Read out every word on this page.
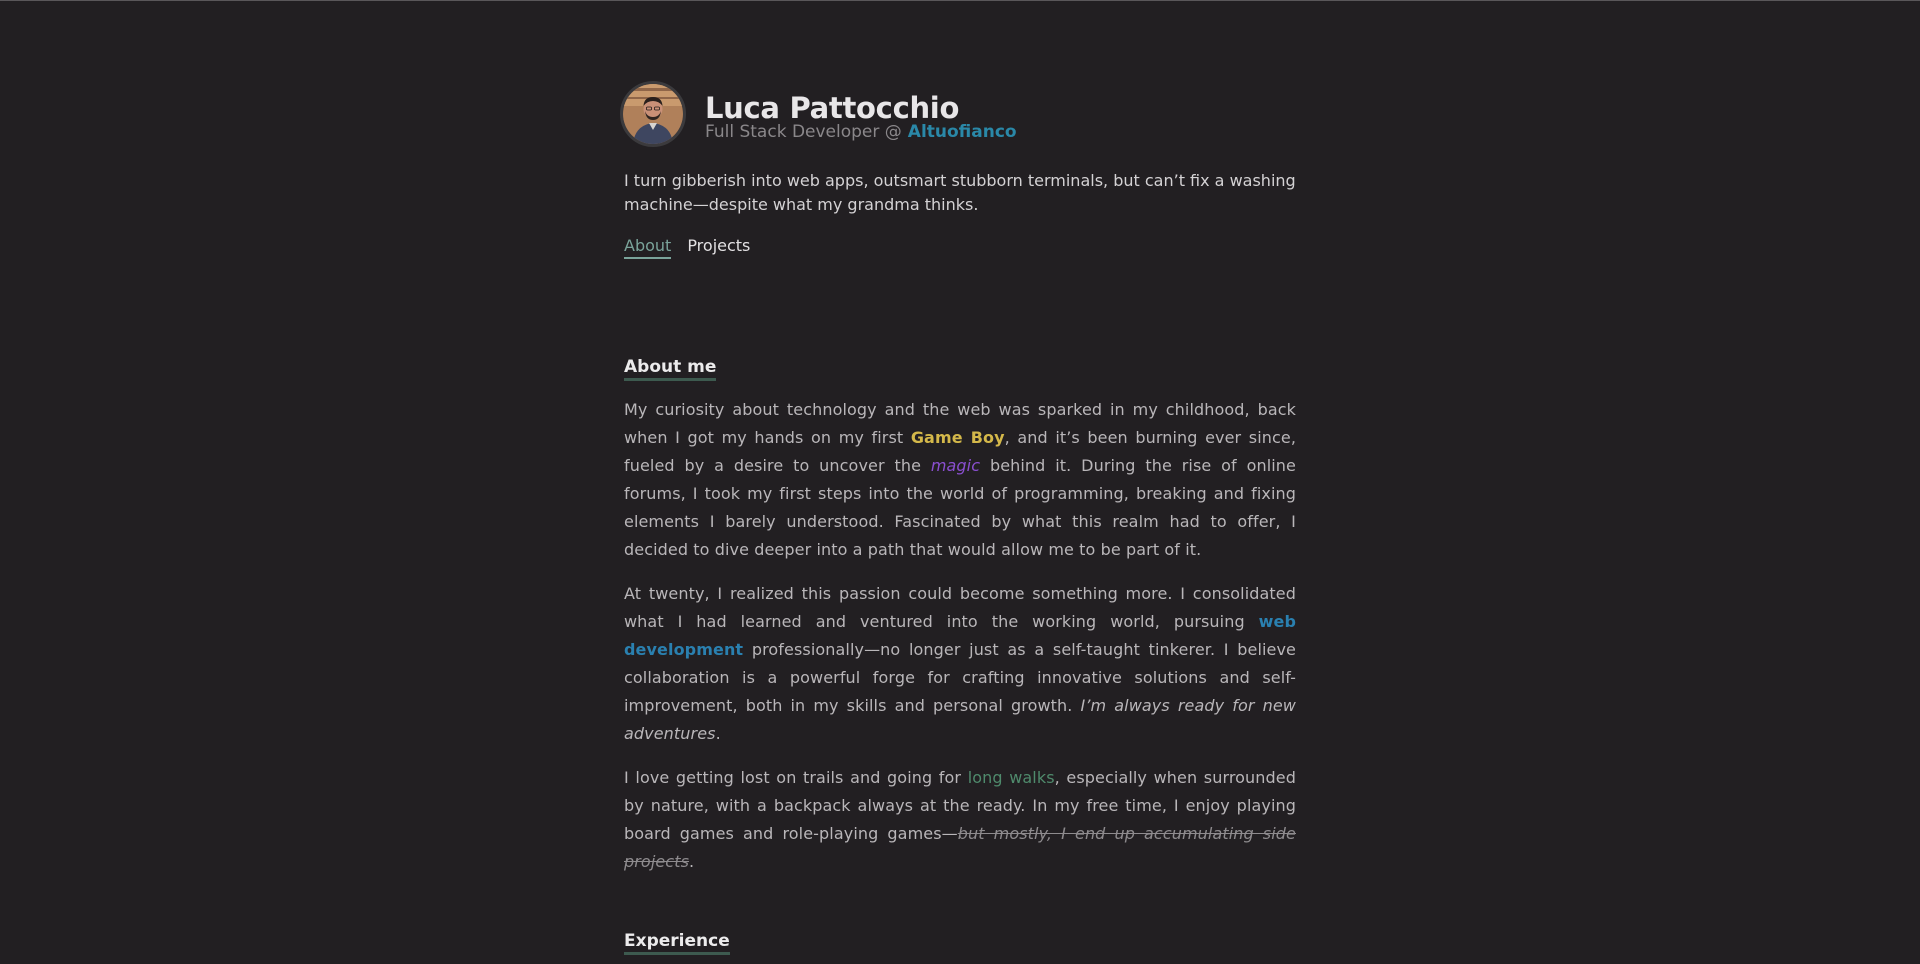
Luca Pattocchio
Full Stack Developer @ Altuofianco
I turn gibberish into web apps, outsmart stubborn terminals, but can’t fix a washing machine—despite what my grandma thinks.
About Projects
About me

My curiosity about technology and the web was sparked in my childhood, back when I got my hands on my first Game Boy, and it’s been burning ever since, fueled by a desire to uncover the magic behind it. During the rise of online forums, I took my first steps into the world of programming, breaking and fixing elements I barely understood. Fascinated by what this realm had to offer, I decided to dive deeper into a path that would allow me to be part of it.

At twenty, I realized this passion could become something more. I consolidated what I had learned and ventured into the working world, pursuing web development professionally—no longer just as a self-taught tinkerer. I believe collaboration is a powerful forge for crafting innovative solutions and self-improvement, both in my skills and personal growth. I’m always ready for new adventures.

I love getting lost on trails and going for long walks, especially when surrounded by nature, with a backpack always at the ready. In my free time, I enjoy playing board games and role-playing games—but mostly, I end up accumulating side projects.

Experience
